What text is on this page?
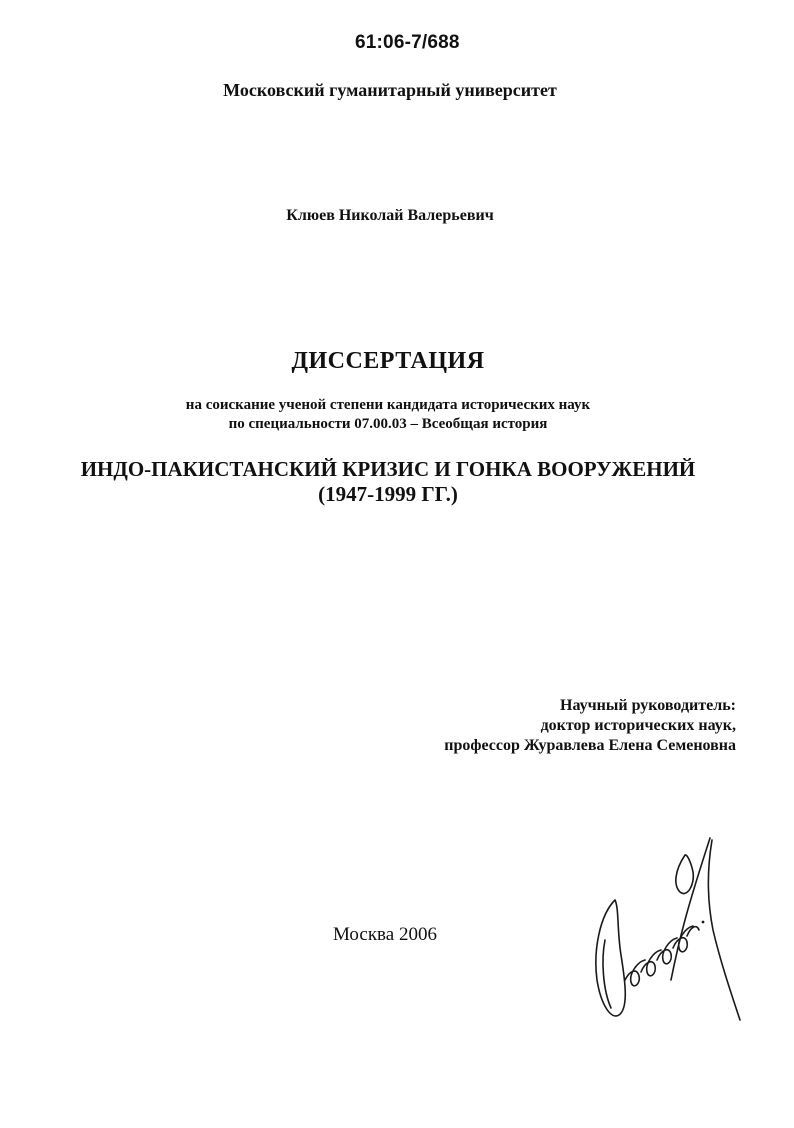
61:06-7/688

Московский гуманитарный университет

Клюев Николай Валерьевич

ДИССЕРТАЦИЯ

на соискание ученой степени кандидата исторических наук

по специальности 07.00.03 – Всеобщая история

ИНДО-ПАКИСТАНСКИЙ КРИЗИС И ГОНКА ВООРУЖЕНИЙ

(1947-1999 ГГ.)

Научный руководитель:

доктор исторических наук,

профессор Журавлева Елена Семеновна

Москва 2006
